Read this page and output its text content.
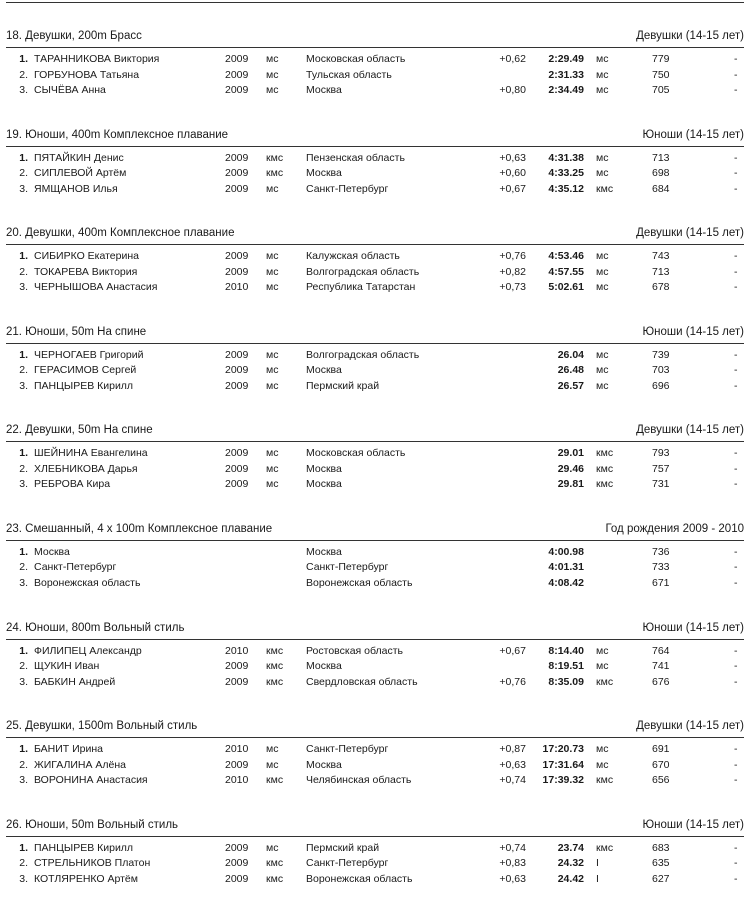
18. Девушки, 200m Брасс	Девушки (14-15 лет)
1. ТАРАННИКОВА Виктория	2009 мс	Московская область	+0,62	2:29.49 мс	779	-
2. ГОРБУНОВА Татьяна	2009 мс	Тульская область	2:31.33 мс	750	-
3. СЫЧЁВА Анна	2009 мс	Москва	+0,80	2:34.49 мс	705	-
19. Юноши, 400m Комплексное плавание	Юноши (14-15 лет)
1. ПЯТАЙКИН Денис	2009 кмс Пензенская область	+0,63	4:31.38 мс	713	-
2. СИПЛЕВОЙ Артём	2009 кмс Москва	+0,60	4:33.25 мс	698	-
3. ЯМЩАНОВ Илья	2009 мс	Санкт-Петербург	+0,67	4:35.12 кмс	684	-
20. Девушки, 400m Комплексное плавание	Девушки (14-15 лет)
1. СИБИРКО Екатерина	2009 мс	Калужская область	+0,76	4:53.46 мс	743	-
2. ТОКАРЕВА Виктория	2009 мс	Волгоградская область	+0,82	4:57.55 мс	713	-
3. ЧЕРНЫШОВА Анастасия	2010 мс	Республика Татарстан	+0,73	5:02.61 мс	678	-
21. Юноши, 50m На спине	Юноши (14-15 лет)
1. ЧЕРНОГАЕВ Григорий	2009 мс	Волгоградская область	26.04 мс	739	-
2. ГЕРАСИМОВ Сергей	2009 мс	Москва	26.48 мс	703	-
3. ПАНЦЫРЕВ Кирилл	2009 мс	Пермский край	26.57 мс	696	-
22. Девушки, 50m На спине	Девушки (14-15 лет)
1. ШЕЙНИНА Евангелина	2009 мс	Московская область	29.01 кмс	793	-
2. ХЛЕБНИКОВА Дарья	2009 мс	Москва	29.46 кмс	757	-
3. РЕБРОВА Кира	2009 мс	Москва	29.81 кмс	731	-
23. Смешанный, 4 x 100m Комплексное плавание	Год рождения 2009 - 2010
1. Москва	Москва	4:00.98	736	-
2. Санкт-Петербург	Санкт-Петербург	4:01.31	733	-
3. Воронежская область	Воронежская область	4:08.42	671	-
24. Юноши, 800m Вольный стиль	Юноши (14-15 лет)
1. ФИЛИПЕЦ Александр	2010 кмс Ростовская область	+0,67	8:14.40 мс	764	-
2. ЩУКИН Иван	2009 кмс Москва	8:19.51 мс	741	-
3. БАБКИН Андрей	2009 кмс Свердловская область	+0,76	8:35.09 кмс	676	-
25. Девушки, 1500m Вольный стиль	Девушки (14-15 лет)
1. БАНИТ Ирина	2010 мс	Санкт-Петербург	+0,87	17:20.73 мс	691	-
2. ЖИГАЛИНА Алёна	2009 мс	Москва	+0,63	17:31.64 мс	670	-
3. ВОРОНИНА Анастасия	2010 кмс Челябинская область	+0,74	17:39.32 кмс	656	-
26. Юноши, 50m Вольный стиль	Юноши (14-15 лет)
1. ПАНЦЫРЕВ Кирилл	2009 мс	Пермский край	+0,74	23.74 кмс	683	-
2. СТРЕЛЬНИКОВ Платон	2009 кмс Санкт-Петербург	+0,83	24.32 I	635	-
3. КОТЛЯРЕНКО Артём	2009 кмс Воронежская область	+0,63	24.42 I	627	-
